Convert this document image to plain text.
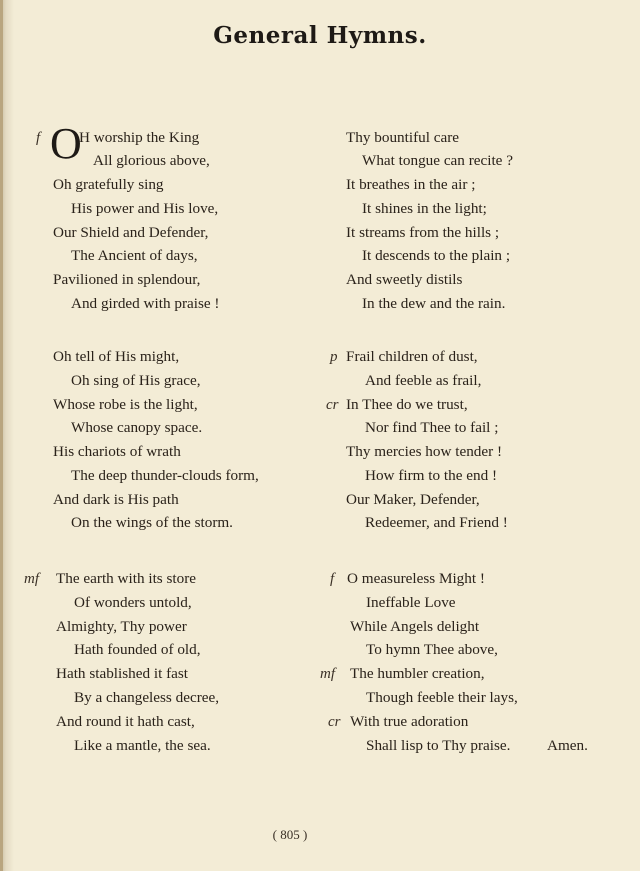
General Hymns.
f O
H worship the King
All glorious above,
Oh gratefully sing
His power and His love,
Our Shield and Defender,
The Ancient of days,
Pavilioned in splendour,
And girded with praise !
Oh tell of His might,
Oh sing of His grace,
Whose robe is the light,
Whose canopy space.
His chariots of wrath
The deep thunder-clouds form,
And dark is His path
On the wings of the storm.
mf The earth with its store
Of wonders untold,
Almighty, Thy power
Hath founded of old,
Hath stablished it fast
By a changeless decree,
And round it hath cast,
Like a mantle, the sea.
Thy bountiful care
What tongue can recite ?
It breathes in the air ;
It shines in the light;
It streams from the hills ;
It descends to the plain ;
And sweetly distils
In the dew and the rain.
p Frail children of dust,
And feeble as frail,
cr In Thee do we trust,
Nor find Thee to fail ;
Thy mercies how tender !
How firm to the end !
Our Maker, Defender,
Redeemer, and Friend !
f O measureless Might !
Ineffable Love
While Angels delight
To hymn Thee above,
mf The humbler creation,
Though feeble their lays,
cr With true adoration
Shall lisp to Thy praise. Amen.
( 805 )
